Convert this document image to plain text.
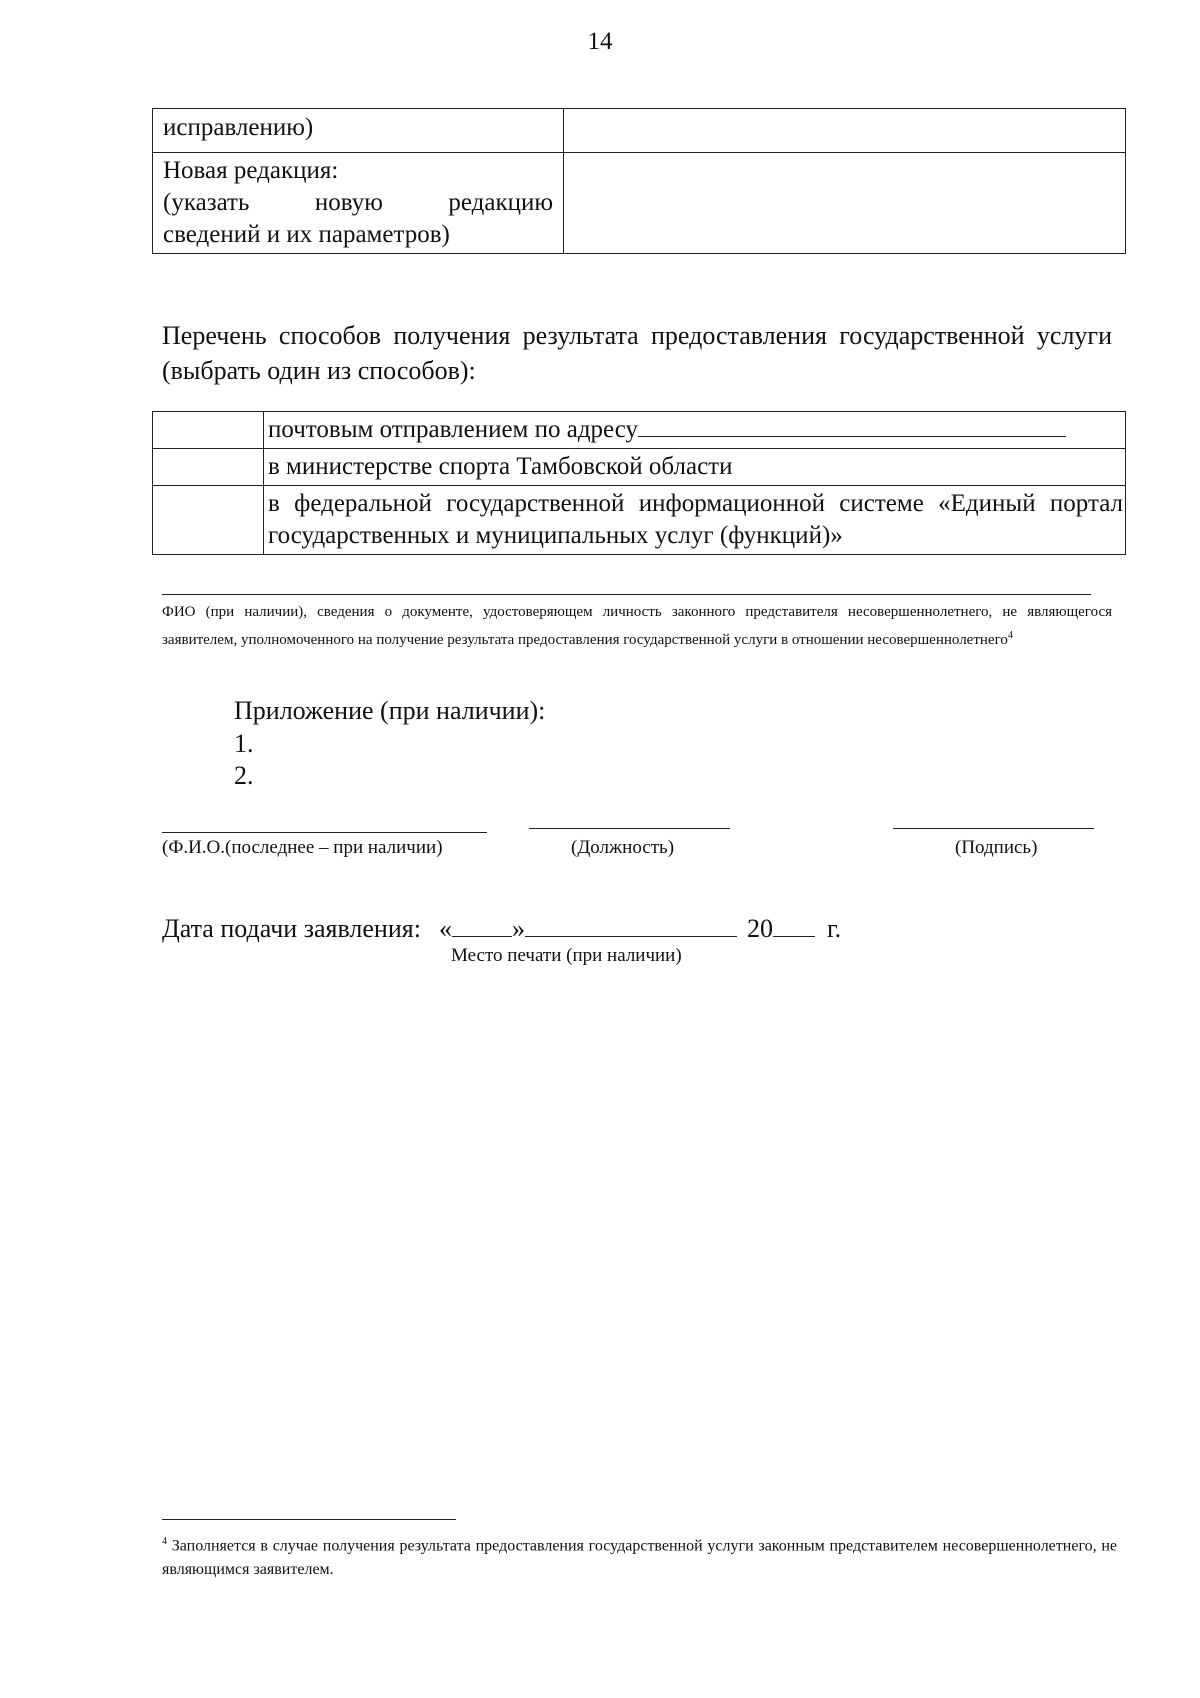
14
исправлению)	

Новая редакция:
(указать новую редакцию
сведений и их параметров)	

Перечень способов получения результата предоставления государственной услуги (выбрать один из способов):
	почтовым отправлением по адресу
	в министерстве спорта Тамбовской области
	в федеральной государственной информационной системе «Единый портал государственных и муниципальных услуг (функций)»
ФИО (при наличии), сведения о документе, удостоверяющем личность законного представителя несовершеннолетнего, не являющегося заявителем, уполномоченного на получение результата предоставления государственной услуги в отношении несовершеннолетнего$^4$
Приложение (при наличии):
1.
2.
(Ф.И.О.(последнее – при наличии)	(Должность)	(Подпись)
Дата подачи заявления: « »	20 г.
Место печати (при наличии)
$^4$ Заполняется в случае получения результата предоставления государственной услуги законным представителем несовершеннолетнего, не являющимся заявителем.
